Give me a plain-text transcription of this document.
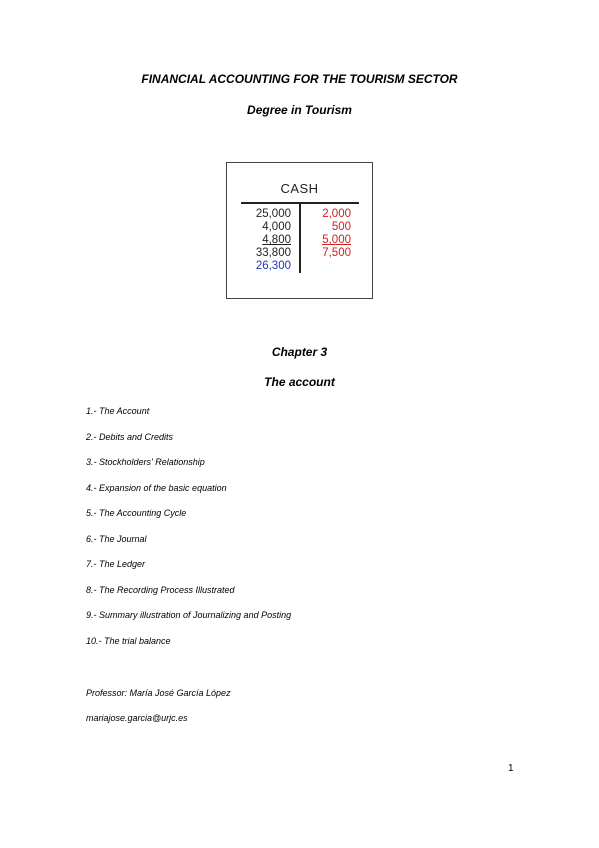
FINANCIAL ACCOUNTING FOR THE TOURISM SECTOR
Degree in Tourism
CASH
25,000
4,000
4,800
33,800
26,300
2,000
500
5,000
7,500
Chapter 3
The account
1.- The Account
2.- Debits and Credits
3.- Stockholders' Relationship
4.- Expansion of the basic equation
5.- The Accounting Cycle
6.- The Journal
7.- The Ledger
8.- The Recording Process Illustrated
9.- Summary illustration of Journalizing and Posting
10.- The trial balance
Professor: María José García López
mariajose.garcia@urjc.es
1
